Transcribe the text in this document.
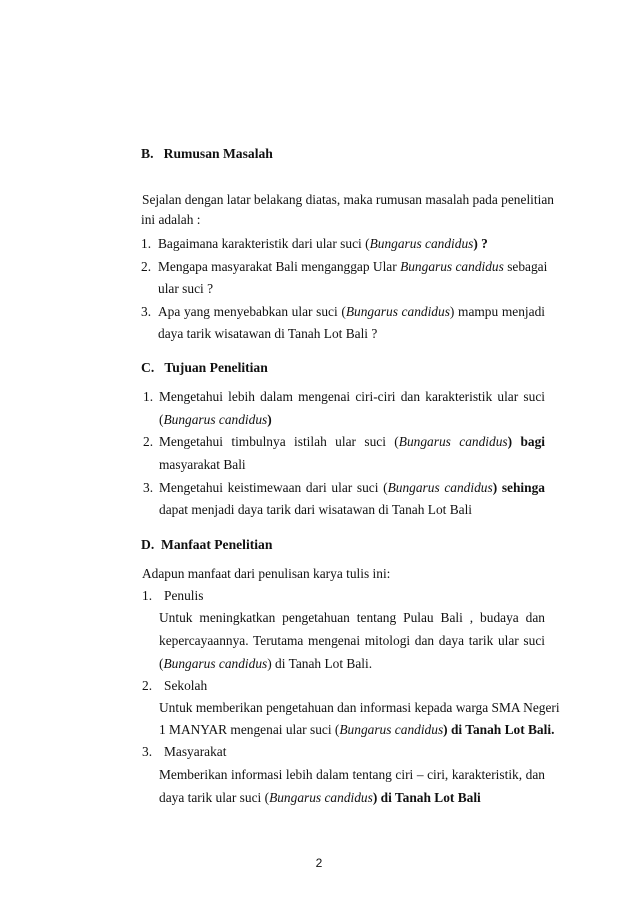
B. Rumusan Masalah
Sejalan dengan latar belakang diatas, maka rumusan masalah pada penelitian
ini adalah :
1. Bagaimana karakteristik dari ular suci (Bungarus candidus) ?
2. Mengapa masyarakat Bali menganggap Ular Bungarus candidus sebagai
ular suci ?
3. Apa yang menyebabkan ular suci (Bungarus candidus) mampu menjadi
daya tarik wisatawan di Tanah Lot Bali ?
C. Tujuan Penelitian
1. Mengetahui lebih dalam mengenai ciri-ciri dan karakteristik ular suci
(Bungarus candidus)
2. Mengetahui timbulnya istilah ular suci (Bungarus candidus) bagi
masyarakat Bali
3. Mengetahui keistimewaan dari ular suci (Bungarus candidus) sehinga
dapat menjadi daya tarik dari wisatawan di Tanah Lot Bali
D. Manfaat Penelitian
Adapun manfaat dari penulisan karya tulis ini:
1. Penulis
Untuk meningkatkan pengetahuan tentang Pulau Bali , budaya dan
kepercayaannya. Terutama mengenai mitologi dan daya tarik ular suci
(Bungarus candidus) di Tanah Lot Bali.
2. Sekolah
Untuk memberikan pengetahuan dan informasi kepada warga SMA Negeri
1 MANYAR mengenai ular suci (Bungarus candidus) di Tanah Lot Bali.
3. Masyarakat
Memberikan informasi lebih dalam tentang ciri – ciri, karakteristik, dan
daya tarik ular suci (Bungarus candidus) di Tanah Lot Bali
2
